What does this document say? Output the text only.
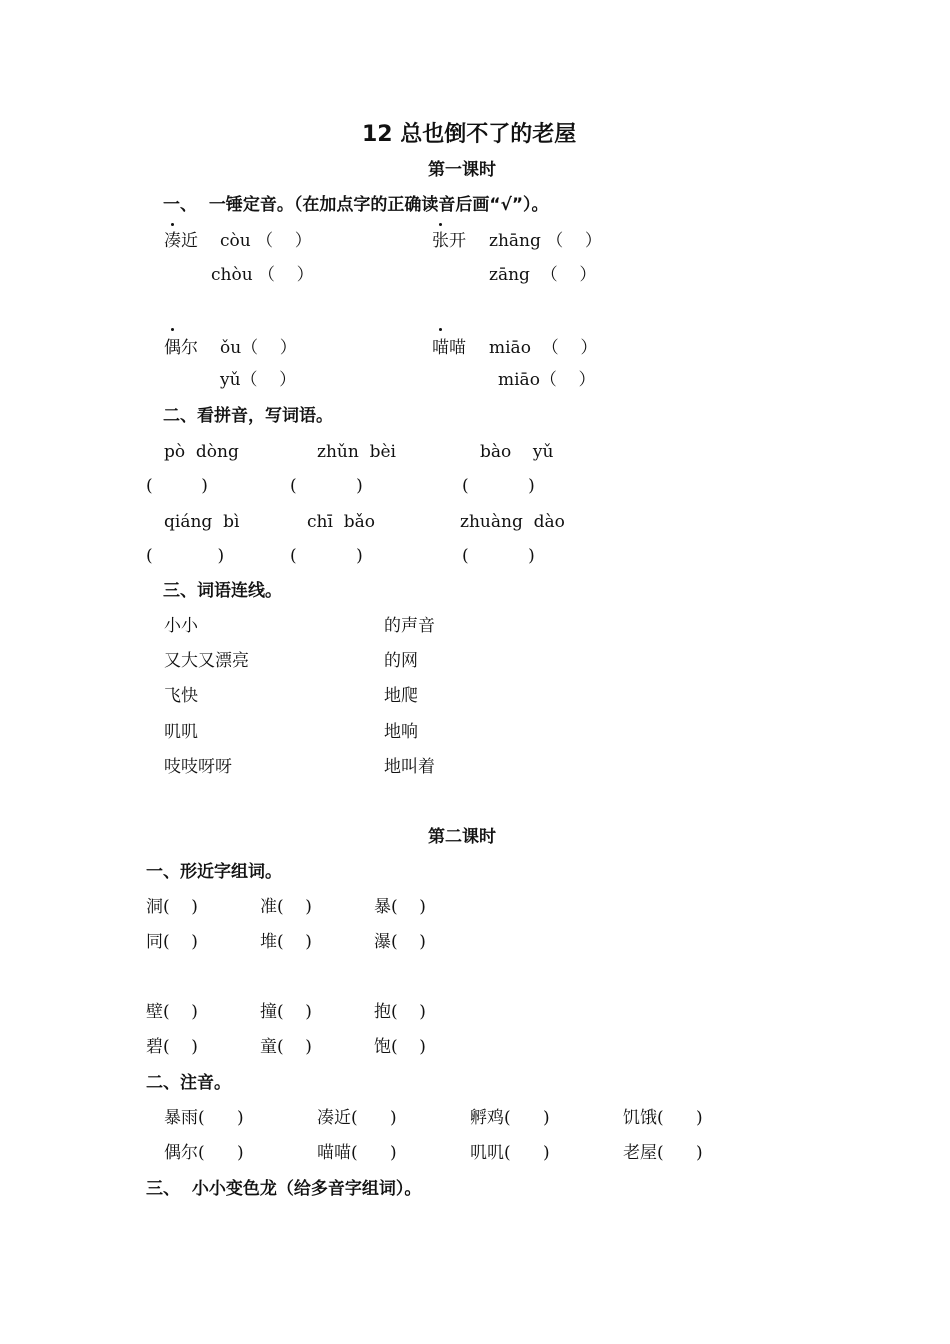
12 总也倒不了的老屋
第一课时
一、  一锤定音。（在加点字的正确读音后画“√”）。
凑近 còu （    ）
chòu （    ）
张开 zhāng （    ）
zāng  （    ）
偶尔 ǒu（    ）
yǔ（    ）
喵喵 miāo  （    ）
miāo（    ）
二、看拼音，写词语。
pò  dòng	zhǔn  bèi	bào    yǔ
(         )	(           )	(           )
qiáng  bì	chī  bǎo	zhuàng  dào
(            )	(           )	(           )
三、词语连线。
小小
又大又漂亮
飞快
叽叽
吱吱呀呀
的声音
的网
地爬
地响
地叫着
第二课时
一、形近字组词。
洞(    )	准(    )	暴(    )
同(    )	堆(    )	瀑(    )
壁(    )	撞(    )	抱(    )
碧(    )	童(    )	饱(    )
二、注音。
暴雨(      )	凑近(      )	孵鸡(      )	饥饿(      )
偶尔(      )	喵喵(      )	叽叽(      )	老屋(      )
三、  小小变色龙（给多音字组词）。
